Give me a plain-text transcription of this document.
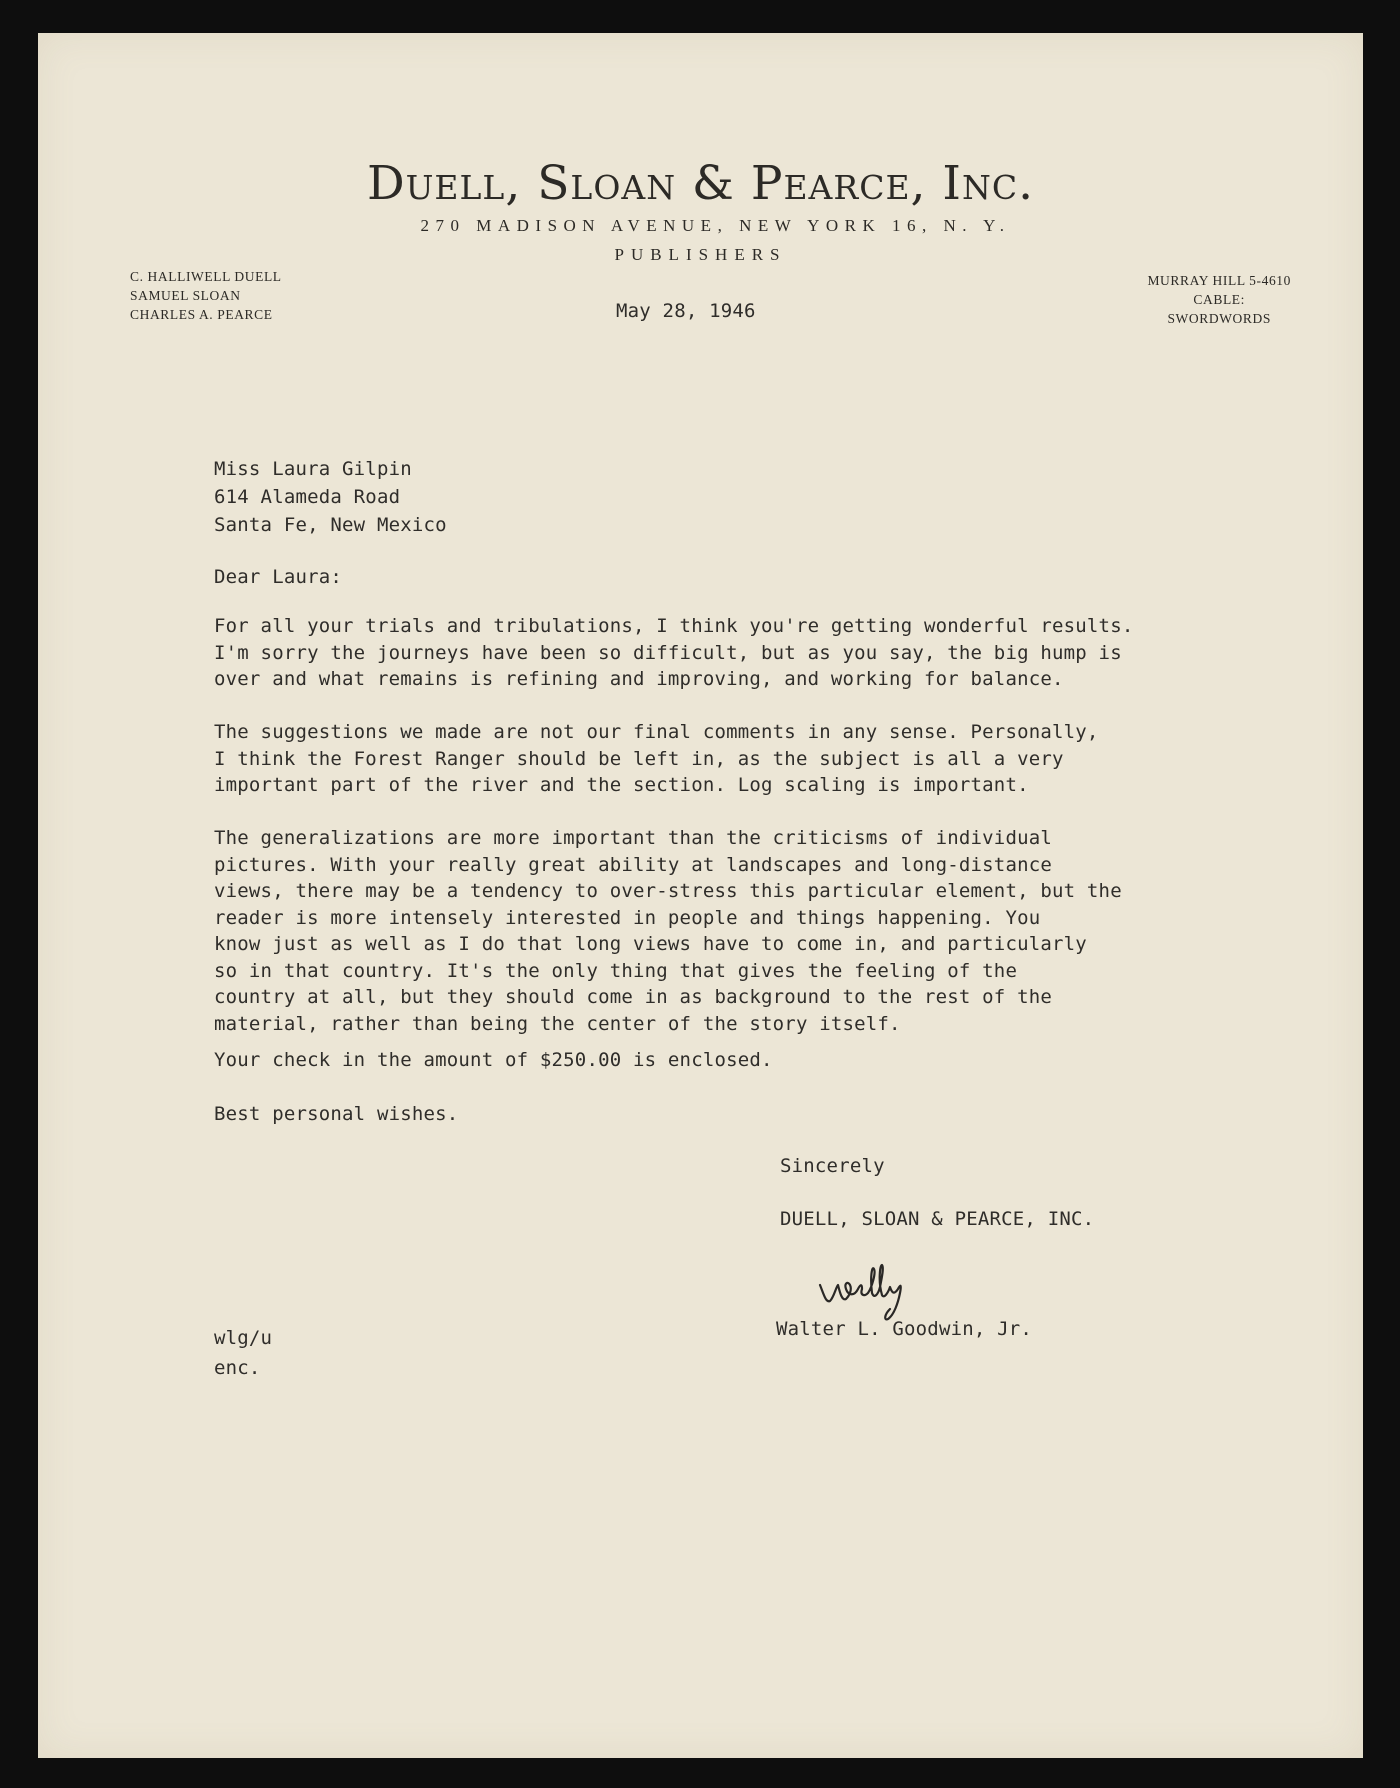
Duell, Sloan & Pearce, Inc.
270 MADISON AVENUE, NEW YORK 16, N. Y.
PUBLISHERS
C. HALLIWELL DUELL
SAMUEL SLOAN
CHARLES A. PEARCE
MURRAY HILL 5-4610
CABLE:
SWORDWORDS
May 28, 1946
Miss Laura Gilpin
614 Alameda Road
Santa Fe, New Mexico
Dear Laura:
For all your trials and tribulations, I think you're getting wonderful results.
I'm sorry the journeys have been so difficult, but as you say, the big hump is
over and what remains is refining and improving, and working for balance.
The suggestions we made are not our final comments in any sense. Personally,
I think the Forest Ranger should be left in, as the subject is all a very
important part of the river and the section. Log scaling is important.
The generalizations are more important than the criticisms of individual
pictures. With your really great ability at landscapes and long-distance
views, there may be a tendency to over-stress this particular element, but the
reader is more intensely interested in people and things happening. You
know just as well as I do that long views have to come in, and particularly
so in that country. It's the only thing that gives the feeling of the
country at all, but they should come in as background to the rest of the
material, rather than being the center of the story itself.
Your check in the amount of $250.00 is enclosed.
Best personal wishes.
Sincerely
DUELL, SLOAN & PEARCE, INC.
Walter L. Goodwin, Jr.
wlg/u
enc.
